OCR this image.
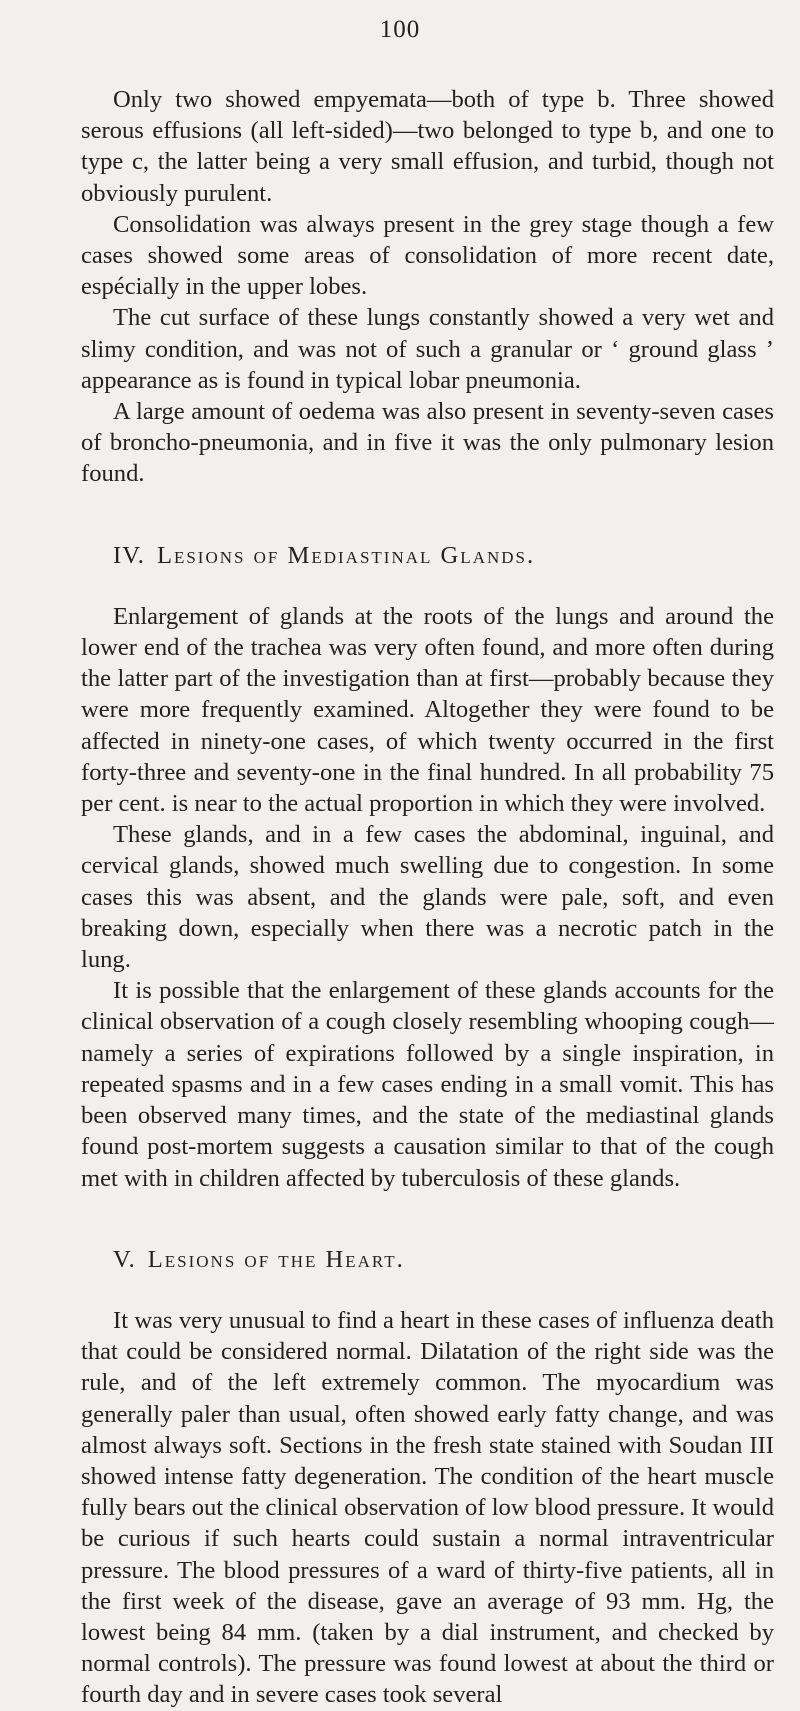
100

Only two showed empyemata—both of type b. Three showed serous effusions (all left-sided)—two belonged to type b, and one to type c, the latter being a very small effusion, and turbid, though not obviously purulent.

Consolidation was always present in the grey stage though a few cases showed some areas of consolidation of more recent date, espécially in the upper lobes.

The cut surface of these lungs constantly showed a very wet and slimy condition, and was not of such a granular or ‘ ground glass ’ appearance as is found in typical lobar pneumonia.

A large amount of oedema was also present in seventy-seven cases of broncho-pneumonia, and in five it was the only pulmonary lesion found.

IV. Lesions of Mediastinal Glands.

Enlargement of glands at the roots of the lungs and around the lower end of the trachea was very often found, and more often during the latter part of the investigation than at first—probably because they were more frequently examined. Altogether they were found to be affected in ninety-one cases, of which twenty occurred in the first forty-three and seventy-one in the final hundred. In all probability 75 per cent. is near to the actual proportion in which they were involved.

These glands, and in a few cases the abdominal, inguinal, and cervical glands, showed much swelling due to congestion. In some cases this was absent, and the glands were pale, soft, and even breaking down, especially when there was a necrotic patch in the lung.

It is possible that the enlargement of these glands accounts for the clinical observation of a cough closely resembling whooping cough—namely a series of expirations followed by a single inspiration, in repeated spasms and in a few cases ending in a small vomit. This has been observed many times, and the state of the mediastinal glands found post-mortem suggests a causation similar to that of the cough met with in children affected by tuberculosis of these glands.

V. Lesions of the Heart.

It was very unusual to find a heart in these cases of influenza death that could be considered normal. Dilatation of the right side was the rule, and of the left extremely common. The myocardium was generally paler than usual, often showed early fatty change, and was almost always soft. Sections in the fresh state stained with Soudan III showed intense fatty degeneration. The condition of the heart muscle fully bears out the clinical observation of low blood pressure. It would be curious if such hearts could sustain a normal intraventricular pressure. The blood pressures of a ward of thirty-five patients, all in the first week of the disease, gave an average of 93 mm. Hg, the lowest being 84 mm. (taken by a dial instrument, and checked by normal controls). The pressure was found lowest at about the third or fourth day and in severe cases took several
